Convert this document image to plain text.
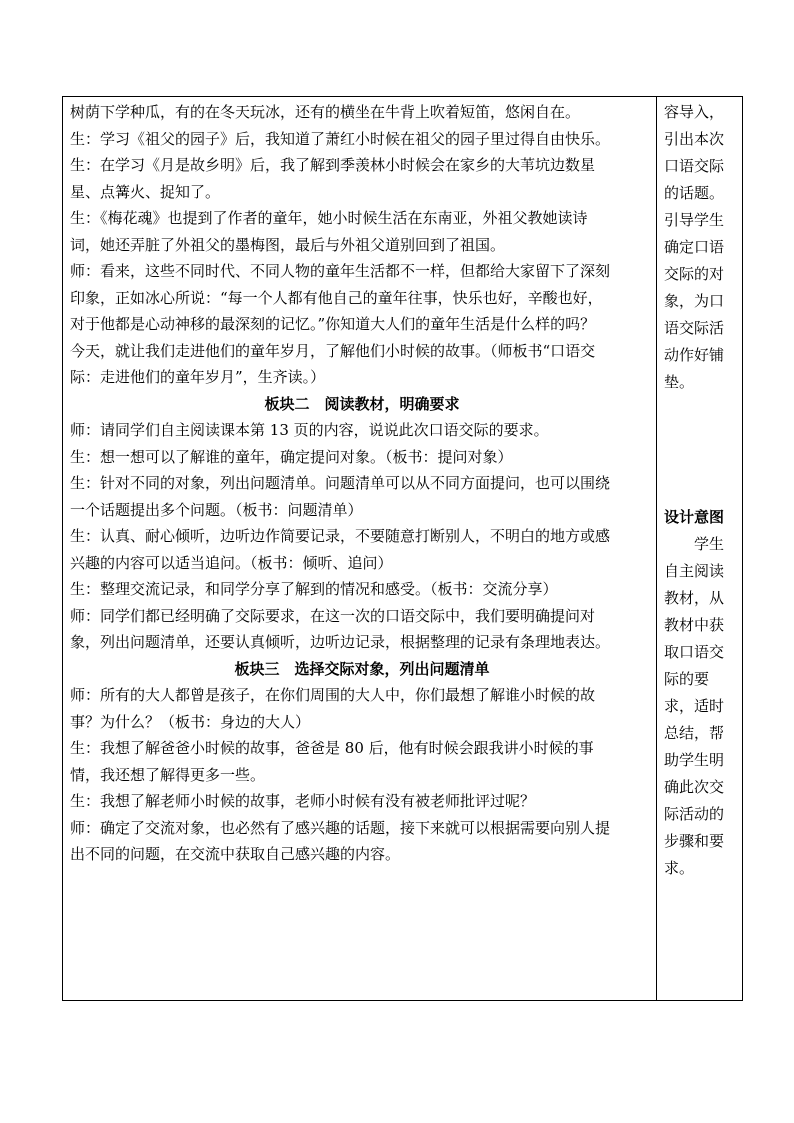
树荫下学种瓜，有的在冬天玩冰，还有的横坐在牛背上吹着短笛，悠闲自在。
生：学习《祖父的园子》后，我知道了萧红小时候在祖父的园子里过得自由快乐。
生：在学习《月是故乡明》后，我了解到季羡林小时候会在家乡的大苇坑边数星
星、点篝火、捉知了。
生：《梅花魂》也提到了作者的童年，她小时候生活在东南亚，外祖父教她读诗
词，她还弄脏了外祖父的墨梅图，最后与外祖父道别回到了祖国。
师：看来，这些不同时代、不同人物的童年生活都不一样，但都给大家留下了深刻
印象，正如冰心所说：“每一个人都有他自己的童年往事，快乐也好，辛酸也好，
对于他都是心动神移的最深刻的记忆。”你知道大人们的童年生活是什么样的吗？
今天，就让我们走进他们的童年岁月，了解他们小时候的故事。（师板书“口语交
际：走进他们的童年岁月”，生齐读。）
板块二　阅读教材，明确要求
师：请同学们自主阅读课本第 13 页的内容，说说此次口语交际的要求。
生：想一想可以了解谁的童年，确定提问对象。（板书：提问对象）
生：针对不同的对象，列出问题清单。问题清单可以从不同方面提问，也可以围绕
一个话题提出多个问题。（板书：问题清单）
生：认真、耐心倾听，边听边作简要记录，不要随意打断别人，不明白的地方或感
兴趣的内容可以适当追问。（板书：倾听、追问）
生：整理交流记录，和同学分享了解到的情况和感受。（板书：交流分享）
师：同学们都已经明确了交际要求，在这一次的口语交际中，我们要明确提问对
象，列出问题清单，还要认真倾听，边听边记录，根据整理的记录有条理地表达。
板块三　选择交际对象，列出问题清单
师：所有的大人都曾是孩子，在你们周围的大人中，你们最想了解谁小时候的故
事？为什么？（板书：身边的大人）
生：我想了解爸爸小时候的故事，爸爸是 80 后，他有时候会跟我讲小时候的事
情，我还想了解得更多一些。
生：我想了解老师小时候的故事，老师小时候有没有被老师批评过呢？
师：确定了交流对象，也必然有了感兴趣的话题，接下来就可以根据需要向别人提
出不同的问题，在交流中获取自己感兴趣的内容。
容导入，
引出本次
口语交际
的话题。
引导学生
确定口语
交际的对
象，为口
语交际活
动作好铺
垫。
设计意图
学生
自主阅读
教材，从
教材中获
取口语交
际的要
求，适时
总结，帮
助学生明
确此次交
际活动的
步骤和要
求。
